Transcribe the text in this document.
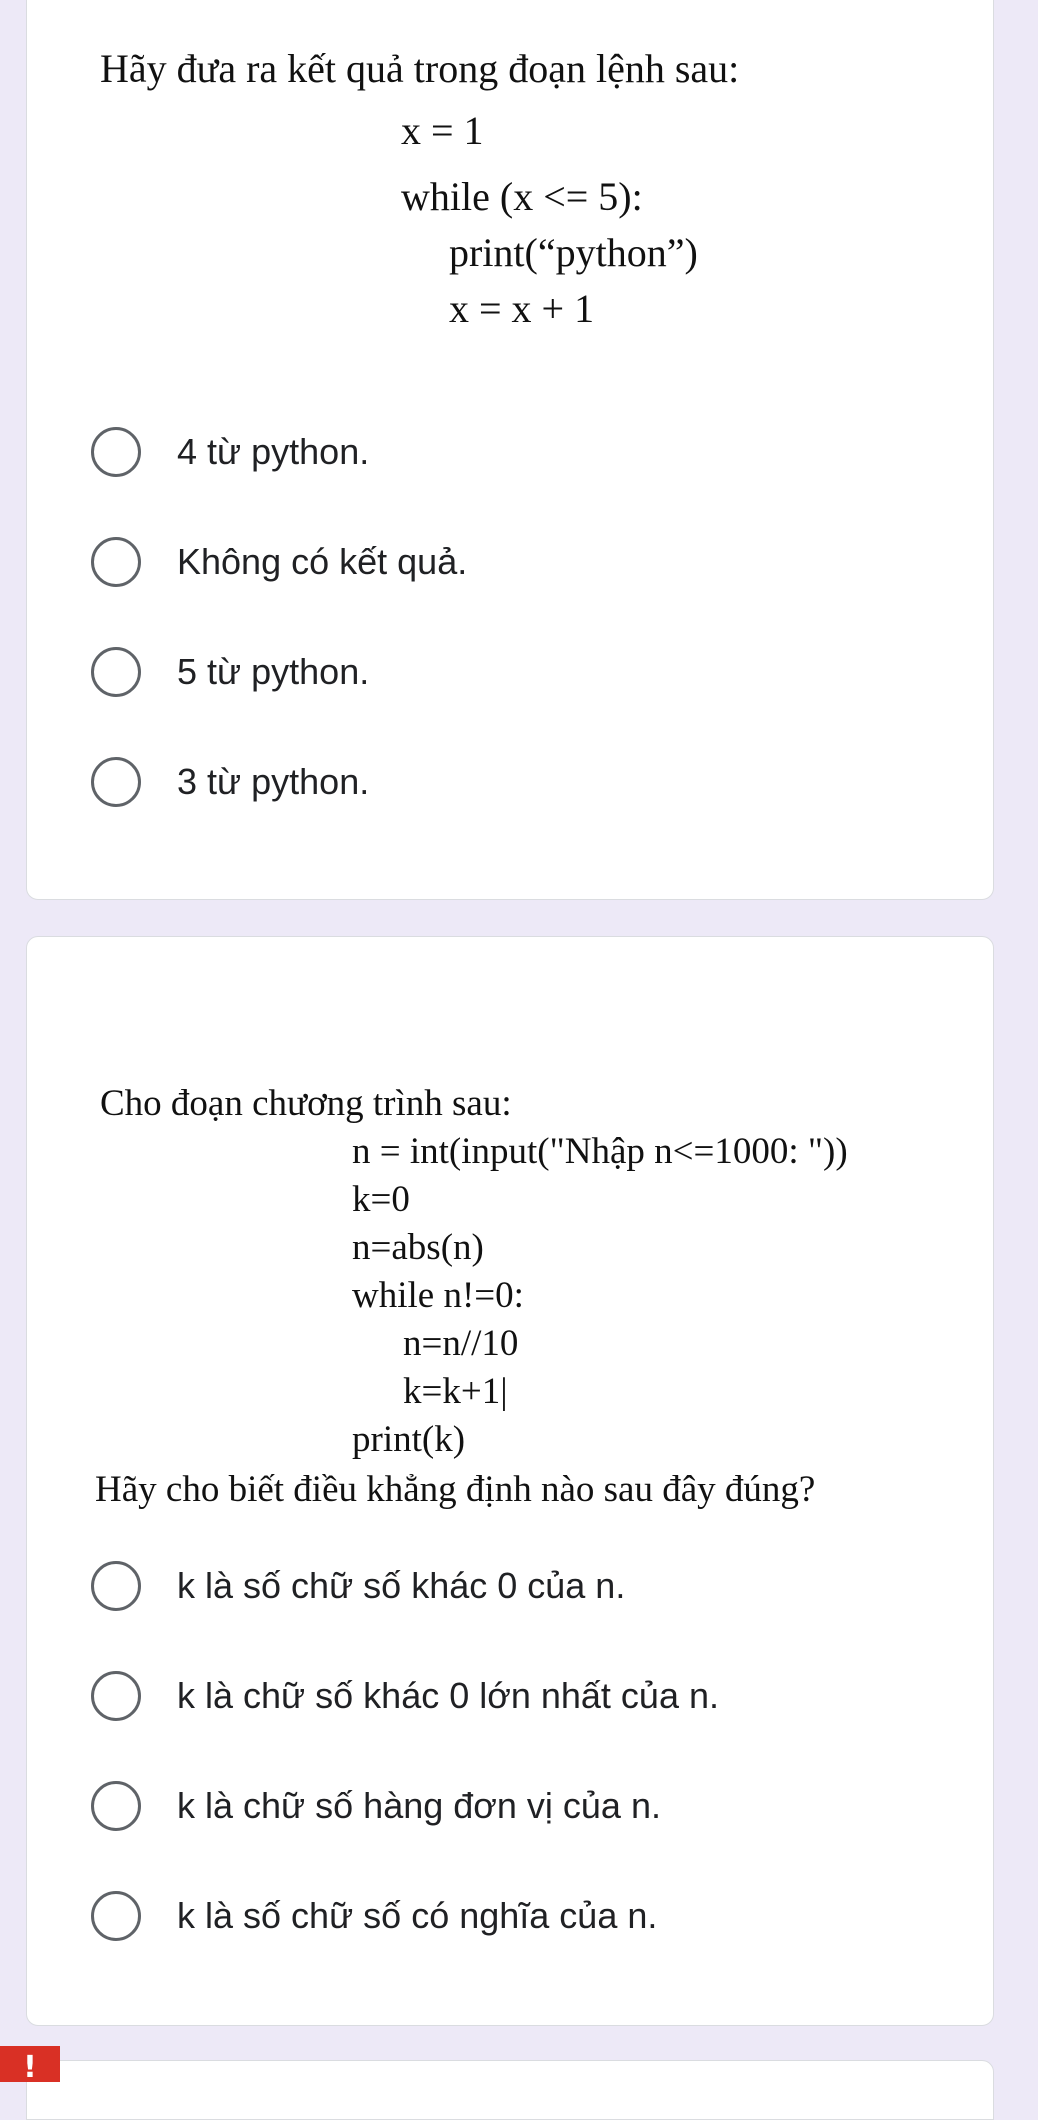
Hãy đưa ra kết quả trong đoạn lệnh sau:
x = 1
while (x <= 5):
print(“python”)
x = x + 1
4 từ python.
Không có kết quả.
5 từ python.
3 từ python.
Cho đoạn chương trình sau:
n = int(input("Nhập n<=1000: "))
k=0
n=abs(n)
while n!=0:
n=n//10
k=k+1|
print(k)
Hãy cho biết điều khẳng định nào sau đây đúng?
k là số chữ số khác 0 của n.
k là chữ số khác 0 lớn nhất của n.
k là chữ số hàng đơn vị của n.
k là số chữ số có nghĩa của n.
!
